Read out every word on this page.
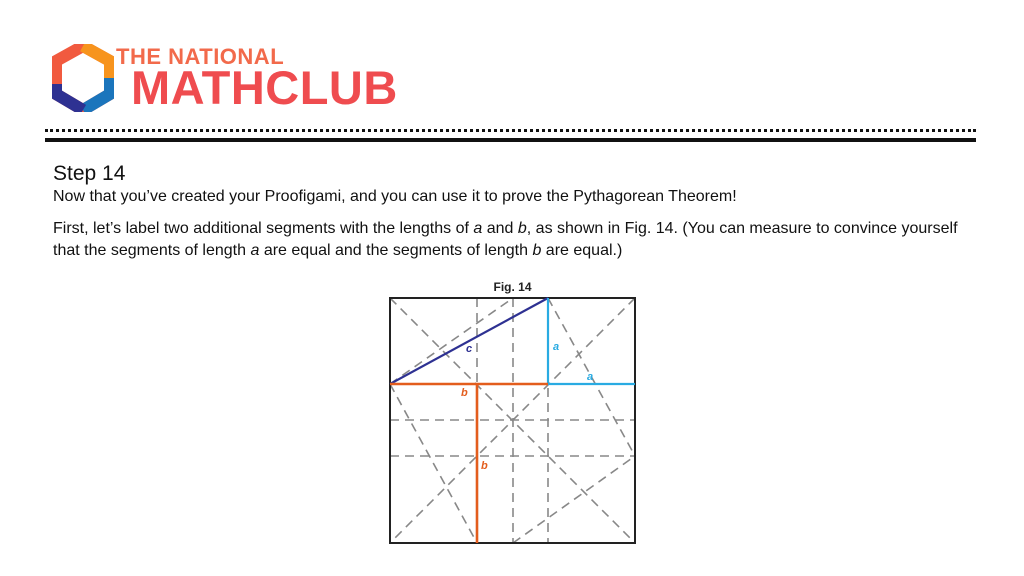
THE NATIONAL
MATHCLUB
Step 14
Now that you’ve created your Proofigami, and you can use it to prove the Pythagorean Theorem!
First, let’s label two additional segments with the lengths of a and b, as shown in Fig. 14. (You can measure to convince yourself that the segments of length a are equal and the segments of length b are equal.)
Fig. 14
c	a
a
b
b
